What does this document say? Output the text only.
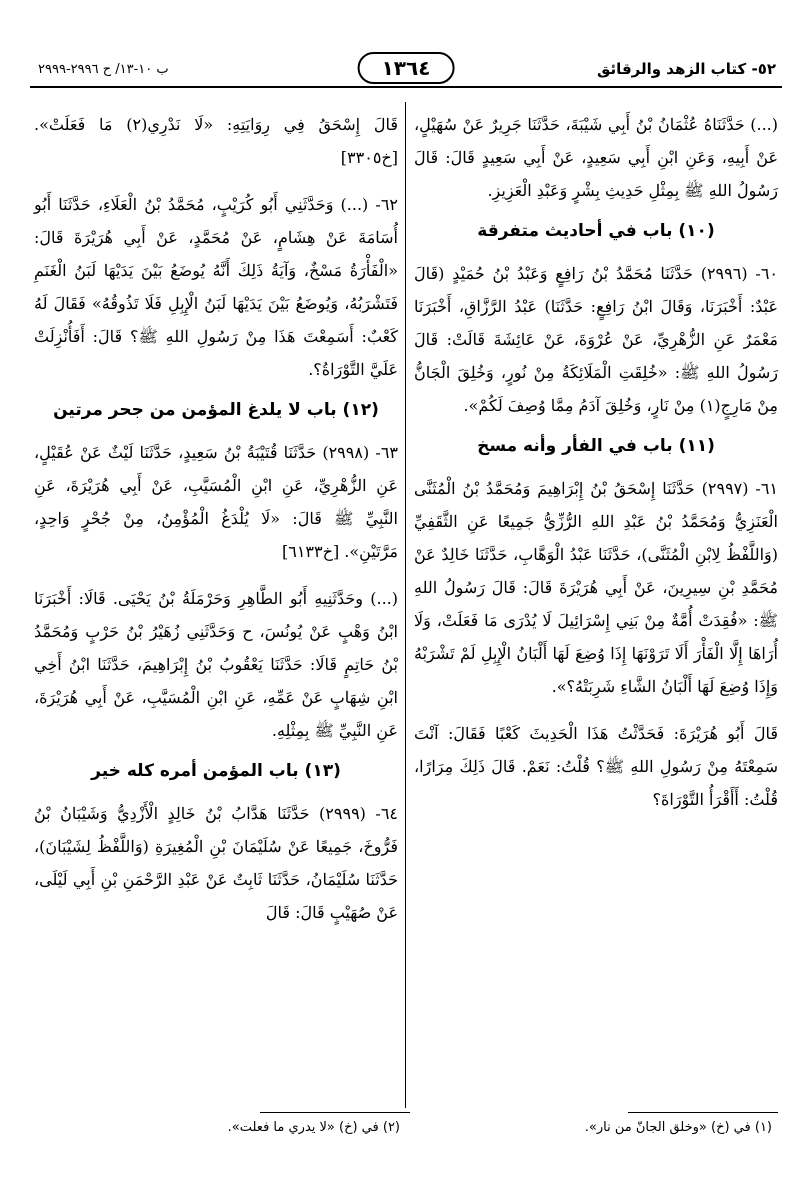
٥٢- كتاب الزهد والرقائق
١٣٦٤
ب ١٠-١٣/ ح ٢٩٩٦-٢٩٩٩

(...) حَدَّثَنَاهُ عُثْمَانُ بْنُ أَبِي شَيْبَةَ، حَدَّثَنَا جَرِيرٌ عَنْ سُهَيْلٍ، عَنْ أَبِيهِ، وَعَنِ ابْنِ أَبِي سَعِيدٍ، عَنْ أَبِي سَعِيدٍ قَالَ: قَالَ رَسُولُ اللهِ ﷺ بِمِثْلِ حَدِيثِ بِشْرٍ وَعَبْدِ الْعَزِيزِ.

(١٠) باب في أحاديث متفرقة

٦٠- (٢٩٩٦) حَدَّثَنَا مُحَمَّدُ بْنُ رَافِعٍ وَعَبْدُ بْنُ حُمَيْدٍ (قَالَ عَبْدٌ: أَخْبَرَنَا، وَقَالَ ابْنُ رَافِعٍ: حَدَّثَنَا) عَبْدُ الرَّزَّاقِ، أَخْبَرَنَا مَعْمَرٌ عَنِ الزُّهْرِيِّ، عَنْ عُرْوَةَ، عَنْ عَائِشَةَ قَالَتْ: قَالَ رَسُولُ اللهِ ﷺ: «خُلِقَتِ الْمَلَائِكَةُ مِنْ نُورٍ، وَخُلِقَ الْجَانُّ مِنْ مَارِجٍ(١) مِنْ نَارٍ، وَخُلِقَ آدَمُ مِمَّا وُصِفَ لَكُمْ».

(١١) باب في الفأر وأنه مسخ

٦١- (٢٩٩٧) حَدَّثَنَا إِسْحَقُ بْنُ إِبْرَاهِيمَ وَمُحَمَّدُ بْنُ الْمُثَنَّى الْعَنَزِيُّ وَمُحَمَّدُ بْنُ عَبْدِ اللهِ الرُّزِّيُّ جَمِيعًا عَنِ الثَّقَفِيِّ (وَاللَّفْظُ لِابْنِ الْمُثَنَّى)، حَدَّثَنَا عَبْدُ الْوَهَّابِ، حَدَّثَنَا خَالِدٌ عَنْ مُحَمَّدِ بْنِ سِيرِينَ، عَنْ أَبِي هُرَيْرَةَ قَالَ: قَالَ رَسُولُ اللهِ ﷺ: «فُقِدَتْ أُمَّةٌ مِنْ بَنِي إِسْرَائِيلَ لَا يُدْرَى مَا فَعَلَتْ، وَلَا أُرَاهَا إِلَّا الْفَأْرَ أَلَا تَرَوْنَهَا إِذَا وُضِعَ لَهَا أَلْبَانُ الْإِبِلِ لَمْ تَشْرَبْهُ وَإِذَا وُضِعَ لَهَا أَلْبَانُ الشَّاءِ شَرِبَتْهُ؟».

قَالَ أَبُو هُرَيْرَةَ: فَحَدَّثْتُ هَذَا الْحَدِيثَ كَعْبًا فَقَالَ: آنْتَ سَمِعْتَهُ مِنْ رَسُولِ اللهِ ﷺ؟ قُلْتُ: نَعَمْ. قَالَ ذَلِكَ مِرَارًا، قُلْتُ: أَأَقْرَأُ التَّوْرَاةَ؟

قَالَ إِسْحَقُ فِي رِوَايَتِهِ: «لَا نَدْرِي(٢) مَا فَعَلَتْ». [خ٣٣٠٥]

٦٢- (...) وَحَدَّثَنِي أَبُو كُرَيْبٍ، مُحَمَّدُ بْنُ الْعَلَاءِ، حَدَّثَنَا أَبُو أُسَامَةَ عَنْ هِشَامٍ، عَنْ مُحَمَّدٍ، عَنْ أَبِي هُرَيْرَةَ قَالَ: «الْفَأْرَةُ مَسْخٌ، وَآيَةُ ذَلِكَ أَنَّهُ يُوضَعُ بَيْنَ يَدَيْهَا لَبَنُ الْغَنَمِ فَتَشْرَبُهُ، وَيُوضَعُ بَيْنَ يَدَيْهَا لَبَنُ الْإِبِلِ فَلَا تَذُوقُهُ» فَقَالَ لَهُ كَعْبٌ: أَسَمِعْتَ هَذَا مِنْ رَسُولِ اللهِ ﷺ؟ قَالَ: أَفَأُنْزِلَتْ عَلَيَّ التَّوْرَاةُ؟.

(١٢) باب لا يلدغ المؤمن من جحر مرتين

٦٣- (٢٩٩٨) حَدَّثَنَا قُتَيْبَةُ بْنُ سَعِيدٍ، حَدَّثَنَا لَيْثٌ عَنْ عُقَيْلٍ، عَنِ الزُّهْرِيِّ، عَنِ ابْنِ الْمُسَيَّبِ، عَنْ أَبِي هُرَيْرَةَ، عَنِ النَّبِيِّ ﷺ قَالَ: «لَا يُلْدَغُ الْمُؤْمِنُ، مِنْ جُحْرٍ وَاحِدٍ، مَرَّتَيْنِ». [خ٦١٣٣]

(...) وحَدَّثَنِيهِ أَبُو الطَّاهِرِ وَحَرْمَلَةُ بْنُ يَحْيَى. قَالَا: أَخْبَرَنَا ابْنُ وَهْبٍ عَنْ يُونُسَ، ح وَحَدَّثَنِي زُهَيْرُ بْنُ حَرْبٍ وَمُحَمَّدُ بْنُ حَاتِمٍ قَالَا: حَدَّثَنَا يَعْقُوبُ بْنُ إِبْرَاهِيمَ، حَدَّثَنَا ابْنُ أَخِي ابْنِ شِهَابٍ عَنْ عَمِّهِ، عَنِ ابْنِ الْمُسَيَّبِ، عَنْ أَبِي هُرَيْرَةَ، عَنِ النَّبِيِّ ﷺ بِمِثْلِهِ.

(١٣) باب المؤمن أمره كله خير

٦٤- (٢٩٩٩) حَدَّثَنَا هَدَّابُ بْنُ خَالِدٍ الْأَزْدِيُّ وَشَيْبَانُ بْنُ فَرُّوخَ، جَمِيعًا عَنْ سُلَيْمَانَ بْنِ الْمُغِيرَةِ (وَاللَّفْظُ لِشَيْبَانَ)، حَدَّثَنَا سُلَيْمَانُ، حَدَّثَنَا ثَابِتٌ عَنْ عَبْدِ الرَّحْمَنِ بْنِ أَبِي لَيْلَى، عَنْ صُهَيْبٍ قَالَ: قَالَ

(١) في (خ) «وخلق الجانّ من نار».
(٢) في (خ) «لا يدري ما فعلت».
